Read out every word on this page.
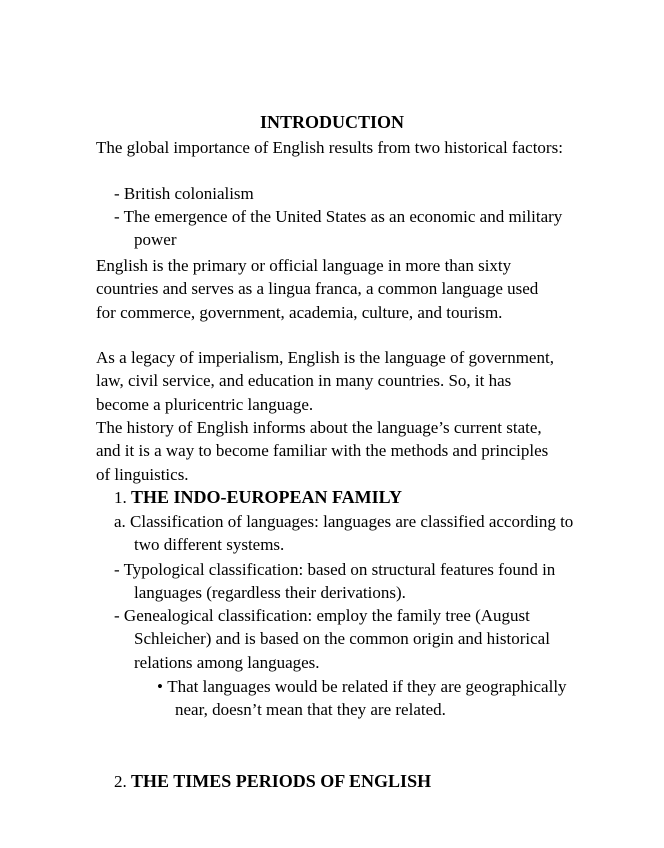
INTRODUCTION
The global importance of English results from two historical factors:
- British colonialism
- The emergence of the United States as an economic and military power
English is the primary or official language in more than sixty countries and serves as a lingua franca, a common language used for commerce, government, academia, culture, and tourism.
As a legacy of imperialism, English is the language of government, law, civil service, and education in many countries. So, it has become a pluricentric language.
The history of English informs about the language’s current state, and it is a way to become familiar with the methods and principles of linguistics.
1. THE INDO-EUROPEAN FAMILY
a. Classification of languages: languages are classified according to two different systems.
- Typological classification: based on structural features found in languages (regardless their derivations).
- Genealogical classification: employ the family tree (August Schleicher) and is based on the common origin and historical relations among languages.
• That languages would be related if they are geographically near, doesn’t mean that they are related.
2. THE TIMES PERIODS OF ENGLISH
